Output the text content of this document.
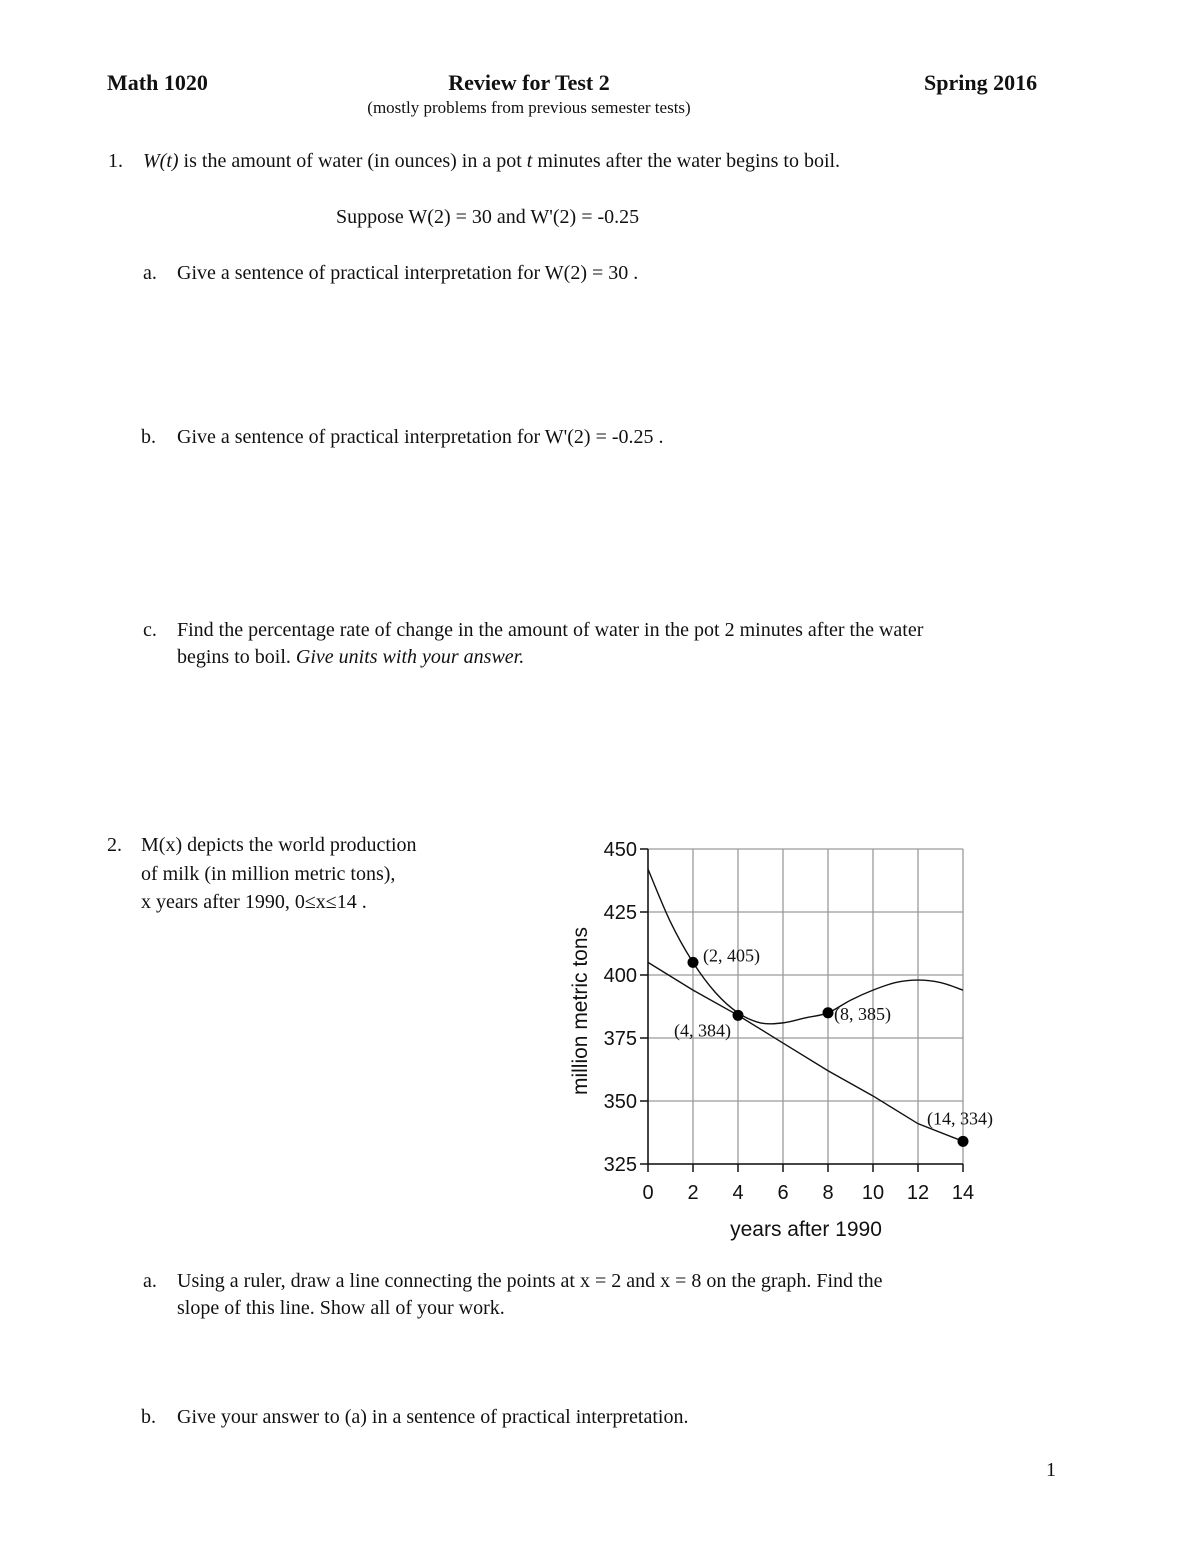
Math 1020	Review for Test 2	Spring 2016
(mostly problems from previous semester tests)
1. W(t) is the amount of water (in ounces) in a pot t minutes after the water begins to boil.
Suppose W(2) = 30 and W'(2) = -0.25
a. Give a sentence of practical interpretation for W(2) = 30 .
b. Give a sentence of practical interpretation for W'(2) = -0.25 .
c. Find the percentage rate of change in the amount of water in the pot 2 minutes after the water
begins to boil. Give units with your answer.
2. M(x) depicts the world production
of milk (in million metric tons),
x years after 1990, 0≤x≤14 .
325
350
375
400
425
450
0 2 4 6 8 10 12 14
(2, 405)
(4, 384)
(8, 385)
(14, 334)
years after 1990
million metric tons
a. Using a ruler, draw a line connecting the points at x = 2 and x = 8 on the graph. Find the
slope of this line. Show all of your work.
b. Give your answer to (a) in a sentence of practical interpretation.
1
